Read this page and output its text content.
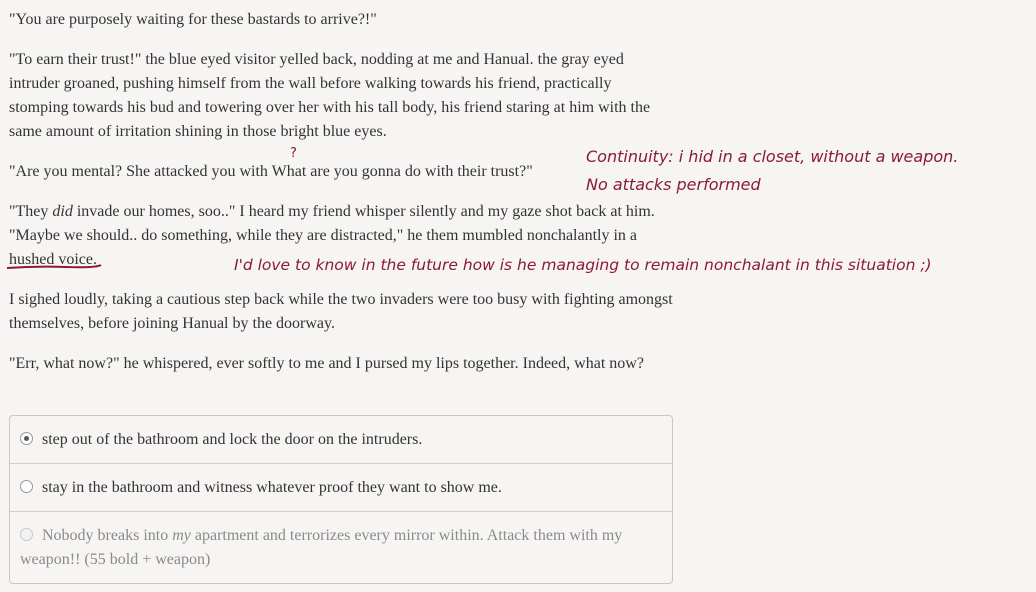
"You are purposely waiting for these bastards to arrive?!"

"To earn their trust!" the blue eyed visitor yelled back, nodding at me and Hanual. the gray eyed intruder groaned, pushing himself from the wall before walking towards his friend, practically stomping towards his bud and towering over her with his tall body, his friend staring at him with the same amount of irritation shining in those bright blue eyes.

"Are you mental? She attacked you with What are you gonna do with their trust?"

"They did invade our homes, soo.." I heard my friend whisper silently and my gaze shot back at him. "Maybe we should.. do something, while they are distracted," he them mumbled nonchalantly in a hushed voice.

I sighed loudly, taking a cautious step back while the two invaders were too busy with fighting amongst themselves, before joining Hanual by the doorway.

"Err, what now?" he whispered, ever softly to me and I pursed my lips together. Indeed, what now?

?	Continuity: i hid in a closet, without a weapon.
No attacks performed
I'd love to know in the future how is he managing to remain nonchalant in this situation ;)
step out of the bathroom and lock the door on the intruders.
stay in the bathroom and witness whatever proof they want to show me.
Nobody breaks into my apartment and terrorizes every mirror within. Attack them with my weapon!! (55 bold + weapon)
